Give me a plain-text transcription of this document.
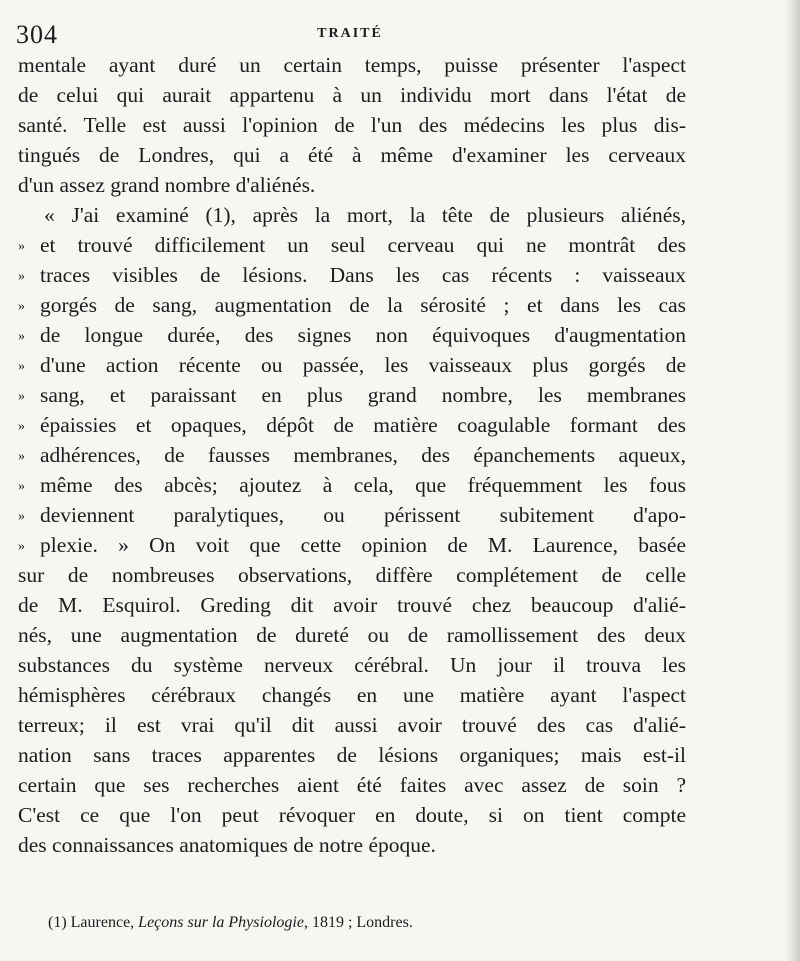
304	TRAITÉ
mentale ayant duré un certain temps, puisse présenter l'aspect
de celui qui aurait appartenu à un individu mort dans l'état de
santé. Telle est aussi l'opinion de l'un des médecins les plus dis-
tingués de Londres, qui a été à même d'examiner les cerveaux
d'un assez grand nombre d'aliénés.
« J'ai examiné (1), après la mort, la tête de plusieurs aliénés,
» et trouvé difficilement un seul cerveau qui ne montrât des
» traces visibles de lésions. Dans les cas récents : vaisseaux
» gorgés de sang, augmentation de la sérosité ; et dans les cas
» de longue durée, des signes non équivoques d'augmentation
» d'une action récente ou passée, les vaisseaux plus gorgés de
» sang, et paraissant en plus grand nombre, les membranes
» épaissies et opaques, dépôt de matière coagulable formant des
» adhérences, de fausses membranes, des épanchements aqueux,
» même des abcès; ajoutez à cela, que fréquemment les fous
» deviennent paralytiques, ou périssent subitement d'apo-
» plexie. » On voit que cette opinion de M. Laurence, basée
sur de nombreuses observations, diffère complétement de celle
de M. Esquirol. Greding dit avoir trouvé chez beaucoup d'alié-
nés, une augmentation de dureté ou de ramollissement des deux
substances du système nerveux cérébral. Un jour il trouva les
hémisphères cérébraux changés en une matière ayant l'aspect
terreux; il est vrai qu'il dit aussi avoir trouvé des cas d'alié-
nation sans traces apparentes de lésions organiques; mais est-il
certain que ses recherches aient été faites avec assez de soin ?
C'est ce que l'on peut révoquer en doute, si on tient compte
des connaissances anatomiques de notre époque.
(1) Laurence, Leçons sur la Physiologie, 1819 ; Londres.
